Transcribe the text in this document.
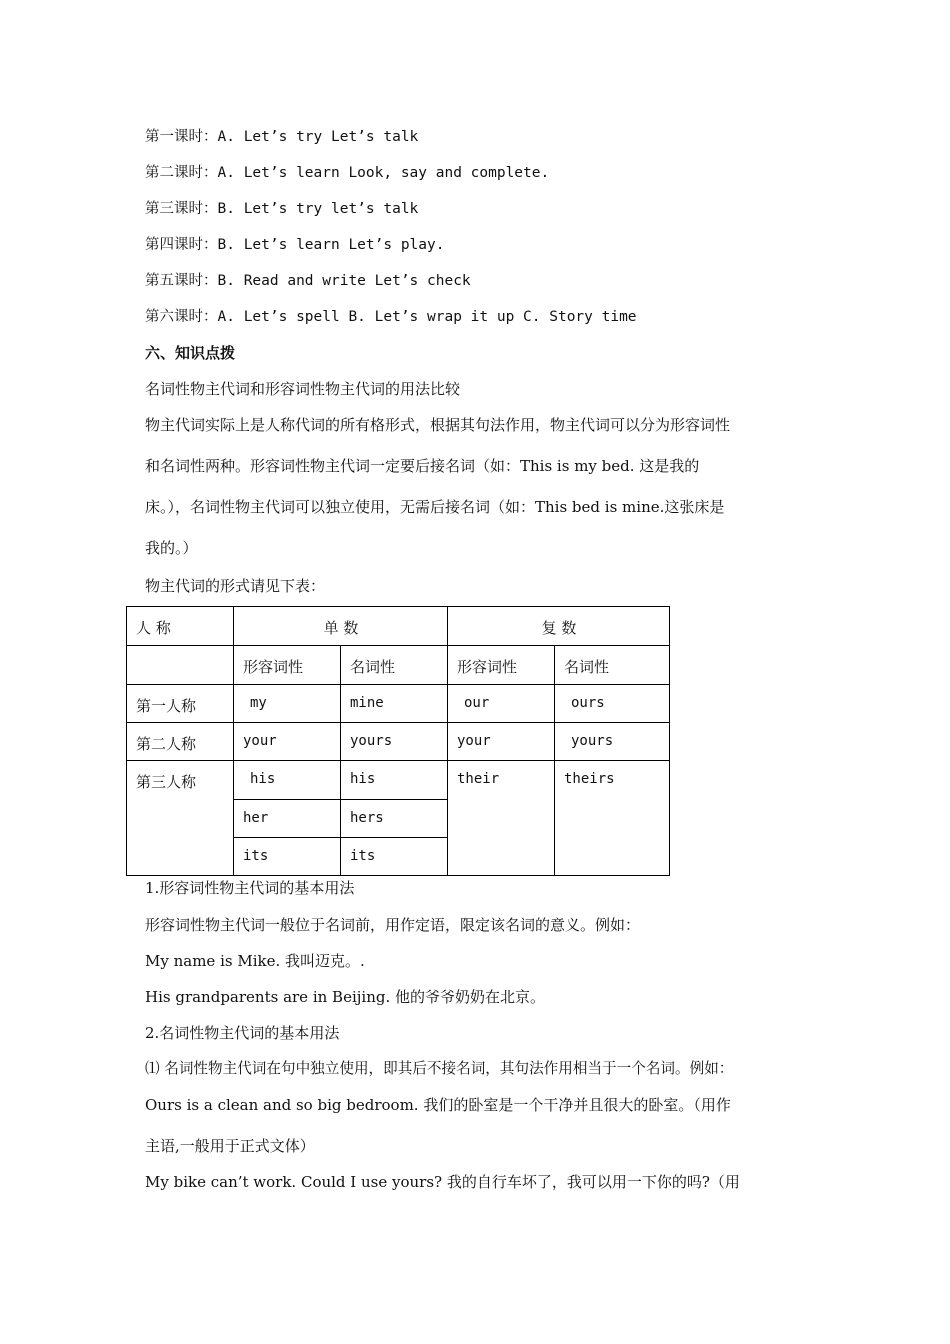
第一课时：A. Let’s try Let’s talk
第二课时：A. Let’s learn Look, say and complete.
第三课时：B. Let’s try let’s talk
第四课时：B. Let’s learn Let’s play.
第五课时：B. Read and write Let’s check
第六课时：A. Let’s spell B. Let’s wrap it up C. Story time
六、知识点拨
名词性物主代词和形容词性物主代词的用法比较
物主代词实际上是人称代词的所有格形式，根据其句法作用，物主代词可以分为形容词性
和名词性两种。形容词性物主代词一定要后接名词（如：This is my bed. 这是我的
床。），名词性物主代词可以独立使用，无需后接名词（如：This bed is mine.这张床是
我的。）
物主代词的形式请见下表：
人 称	单 数		复 数	
	形容词性	名词性	形容词性	名词性
第一人称	my	mine	our	ours
第二人称	your	yours	your	yours
第三人称	his	his	their	theirs
	her	hers		
	its	its		
1.形容词性物主代词的基本用法
形容词性物主代词一般位于名词前，用作定语，限定该名词的意义。例如：
My name is Mike. 我叫迈克。.
His grandparents are in Beijing. 他的爷爷奶奶在北京。
2.名词性物主代词的基本用法
⑴ 名词性物主代词在句中独立使用，即其后不接名词，其句法作用相当于一个名词。例如：
Ours is a clean and so big bedroom. 我们的卧室是一个干净并且很大的卧室。（用作
主语,一般用于正式文体）
My bike can’t work. Could I use yours? 我的自行车坏了，我可以用一下你的吗?（用
